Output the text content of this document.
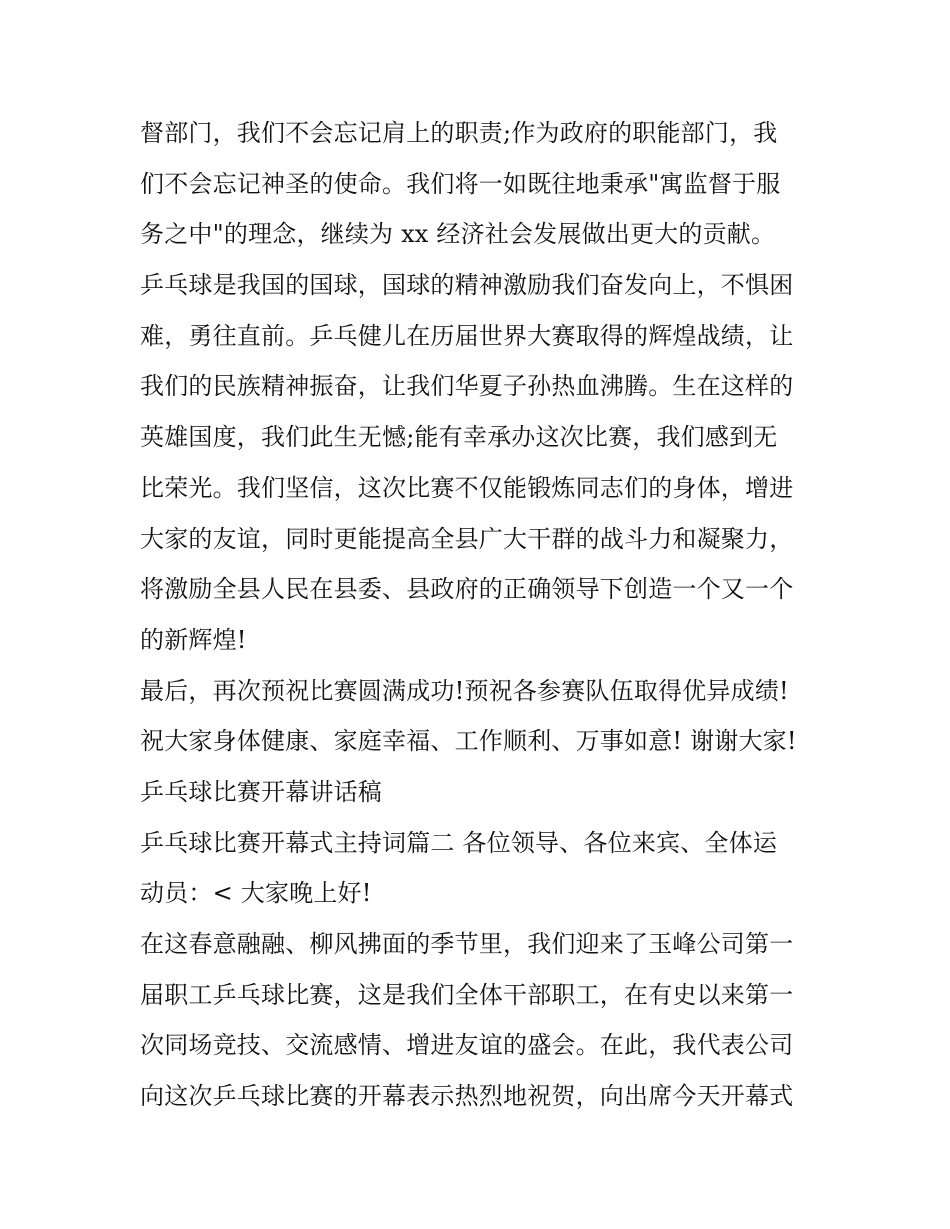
督部门，我们不会忘记肩上的职责;作为政府的职能部门，我
们不会忘记神圣的使命。我们将一如既往地秉承"寓监督于服
务之中"的理念，继续为 xx 经济社会发展做出更大的贡献。
乒乓球是我国的国球，国球的精神激励我们奋发向上，不惧困
难，勇往直前。乒乓健儿在历届世界大赛取得的辉煌战绩，让
我们的民族精神振奋，让我们华夏子孙热血沸腾。生在这样的
英雄国度，我们此生无憾;能有幸承办这次比赛，我们感到无
比荣光。我们坚信，这次比赛不仅能锻炼同志们的身体，增进
大家的友谊，同时更能提高全县广大干群的战斗力和凝聚力，
将激励全县人民在县委、县政府的正确领导下创造一个又一个
的新辉煌!
最后，再次预祝比赛圆满成功!预祝各参赛队伍取得优异成绩!
祝大家身体健康、家庭幸福、工作顺利、万事如意! 谢谢大家!
乒乓球比赛开幕讲话稿
乒乓球比赛开幕式主持词篇二 各位领导、各位来宾、全体运
动员：< 大家晚上好!
在这春意融融、柳风拂面的季节里，我们迎来了玉峰公司第一
届职工乒乓球比赛，这是我们全体干部职工，在有史以来第一
次同场竞技、交流感情、增进友谊的盛会。在此，我代表公司
向这次乒乓球比赛的开幕表示热烈地祝贺，向出席今天开幕式
